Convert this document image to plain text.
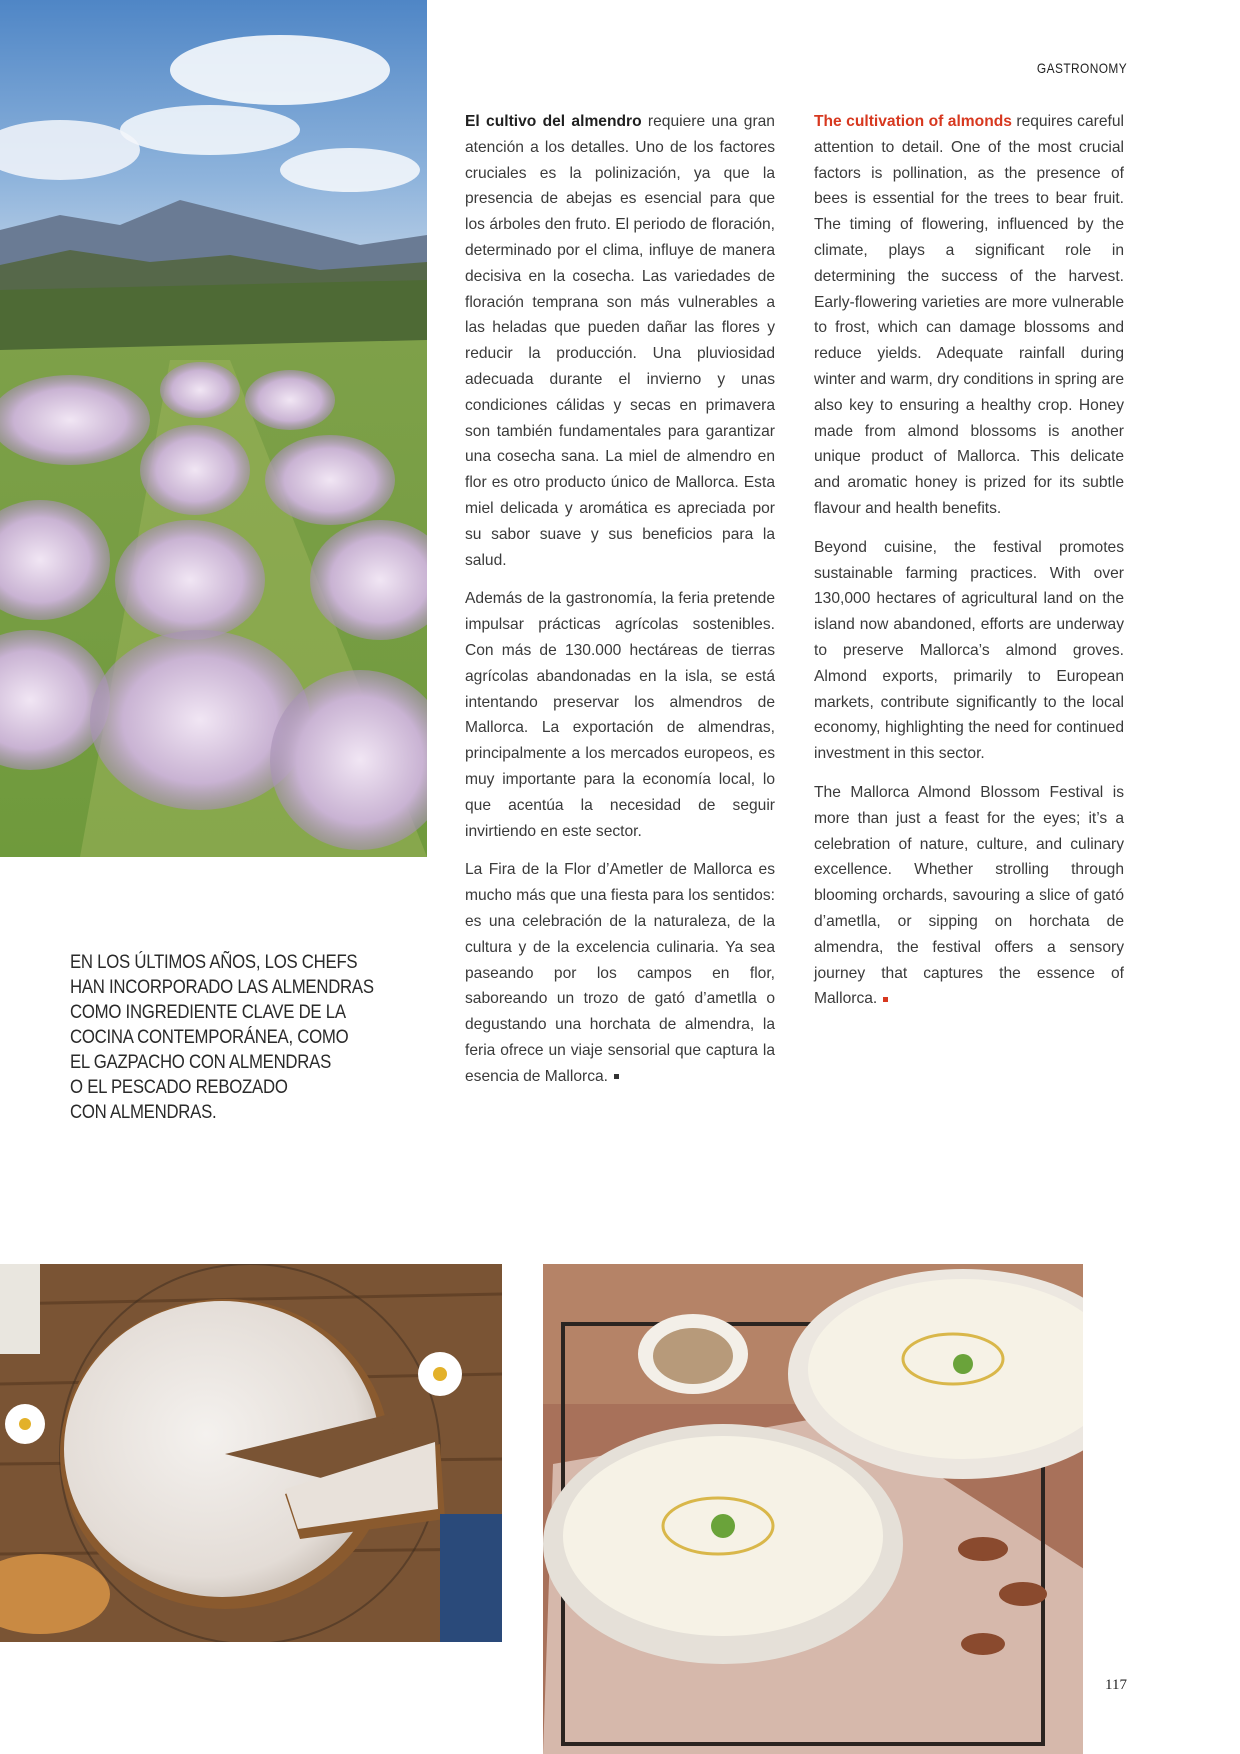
GASTRONOMY

El cultivo del almendro requiere una gran atención a los detalles. Uno de los factores cruciales es la polinización, ya que la presencia de abejas es esencial para que los árboles den fruto. El periodo de floración, determinado por el clima, influye de manera decisiva en la cosecha. Las variedades de floración temprana son más vulnerables a las heladas que pueden dañar las flores y reducir la producción. Una pluviosidad adecuada durante el invierno y unas condiciones cálidas y secas en primavera son también fundamentales para garantizar una cosecha sana. La miel de almendro en flor es otro producto único de Mallorca. Esta miel delicada y aromática es apreciada por su sabor suave y sus beneficios para la salud.

Además de la gastronomía, la feria pretende impulsar prácticas agrícolas sostenibles. Con más de 130.000 hectáreas de tierras agrícolas abandonadas en la isla, se está intentando preservar los almendros de Mallorca. La exportación de almendras, principalmente a los mercados europeos, es muy importante para la economía local, lo que acentúa la necesidad de seguir invirtiendo en este sector.

La Fira de la Flor d’Ametler de Mallorca es mucho más que una fiesta para los sentidos: es una celebración de la naturaleza, de la cultura y de la excelencia culinaria. Ya sea paseando por los campos en flor, saboreando un trozo de gató d’ametlla o degustando una horchata de almendra, la feria ofrece un viaje sensorial que captura la esencia de Mallorca.

The cultivation of almonds requires careful attention to detail. One of the most crucial factors is pollination, as the presence of bees is essential for the trees to bear fruit. The timing of flowering, influenced by the climate, plays a significant role in determining the success of the harvest. Early-flowering varieties are more vulnerable to frost, which can damage blossoms and reduce yields. Adequate rainfall during winter and warm, dry conditions in spring are also key to ensuring a healthy crop. Honey made from almond blossoms is another unique product of Mallorca. This delicate and aromatic honey is prized for its subtle flavour and health benefits.

Beyond cuisine, the festival promotes sustainable farming practices. With over 130,000 hectares of agricultural land on the island now abandoned, efforts are underway to preserve Mallorca’s almond groves. Almond exports, primarily to European markets, contribute significantly to the local economy, highlighting the need for continued investment in this sector.

The Mallorca Almond Blossom Festival is more than just a feast for the eyes; it’s a celebration of nature, culture, and culinary excellence. Whether strolling through blooming orchards, savouring a slice of gató d’ametlla, or sipping on horchata de almendra, the festival offers a sensory journey that captures the essence of Mallorca.

EN LOS ÚLTIMOS AÑOS, LOS CHEFS
HAN INCORPORADO LAS ALMENDRAS
COMO INGREDIENTE CLAVE DE LA
COCINA CONTEMPORÁNEA, COMO
EL GAZPACHO CON ALMENDRAS
O EL PESCADO REBOZADO
CON ALMENDRAS.
117
